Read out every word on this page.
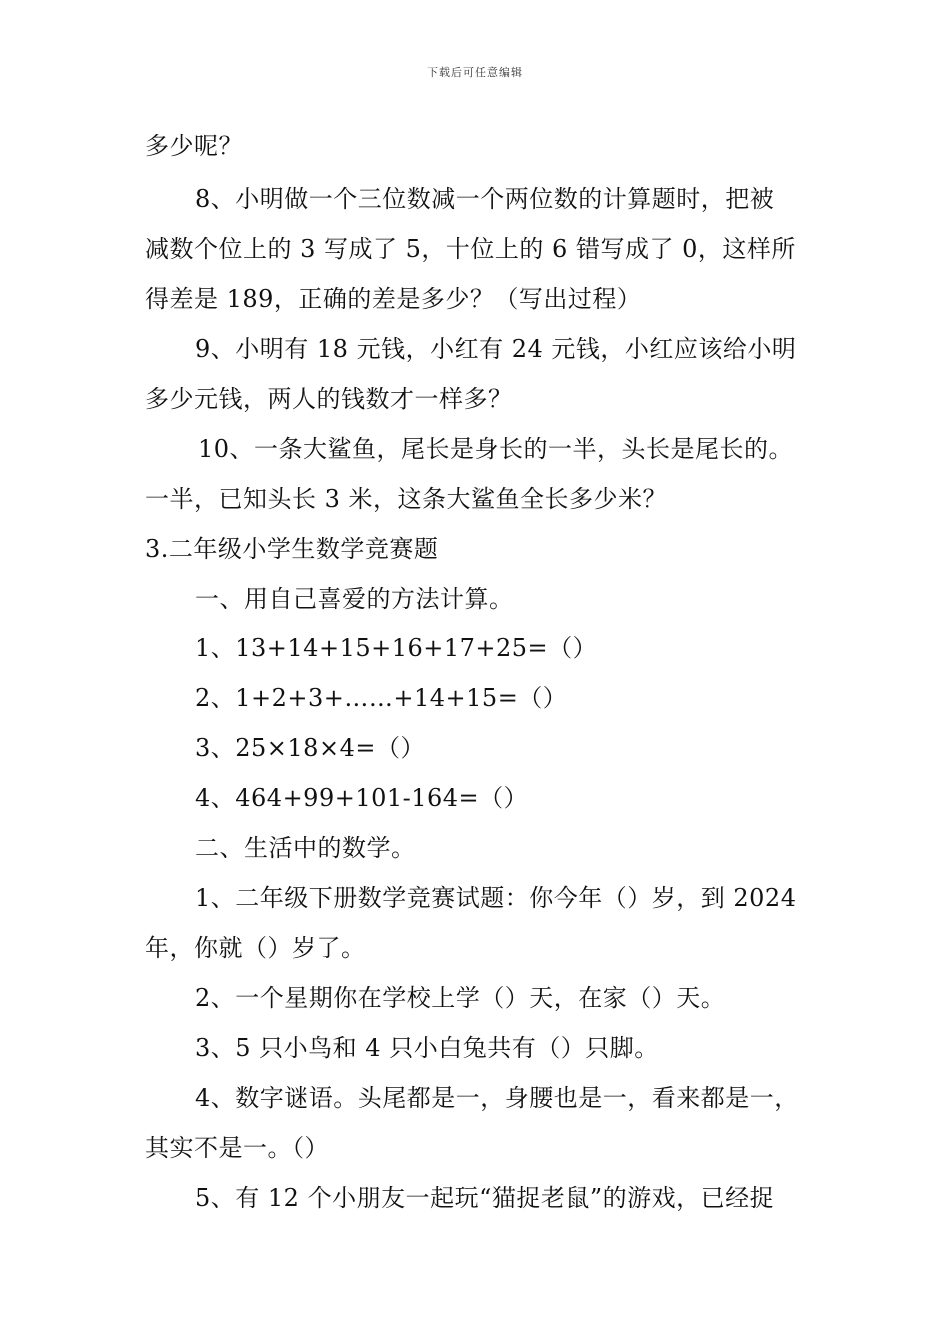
下载后可任意编辑
多少呢？
8、小明做一个三位数减一个两位数的计算题时，把被
减数个位上的 3 写成了 5，十位上的 6 错写成了 0，这样所
得差是 189，正确的差是多少？（写出过程）
9、小明有 18 元钱，小红有 24 元钱，小红应该给小明
多少元钱，两人的钱数才一样多？
10、一条大鲨鱼，尾长是身长的一半，头长是尾长的。
一半，已知头长 3 米，这条大鲨鱼全长多少米？
3.二年级小学生数学竞赛题
一、用自己喜爱的方法计算。
1、13+14+15+16+17+25=（）
2、1+2+3+……+14+15=（）
3、25×18×4=（）
4、464+99+101-164=（）
二、生活中的数学。
1、二年级下册数学竞赛试题：你今年（）岁，到 2024
年，你就（）岁了。
2、一个星期你在学校上学（）天，在家（）天。
3、5 只小鸟和 4 只小白兔共有（）只脚。
4、数字谜语。头尾都是一，身腰也是一，看来都是一，
其实不是一。（）
5、有 12 个小朋友一起玩“猫捉老鼠”的游戏，已经捉
